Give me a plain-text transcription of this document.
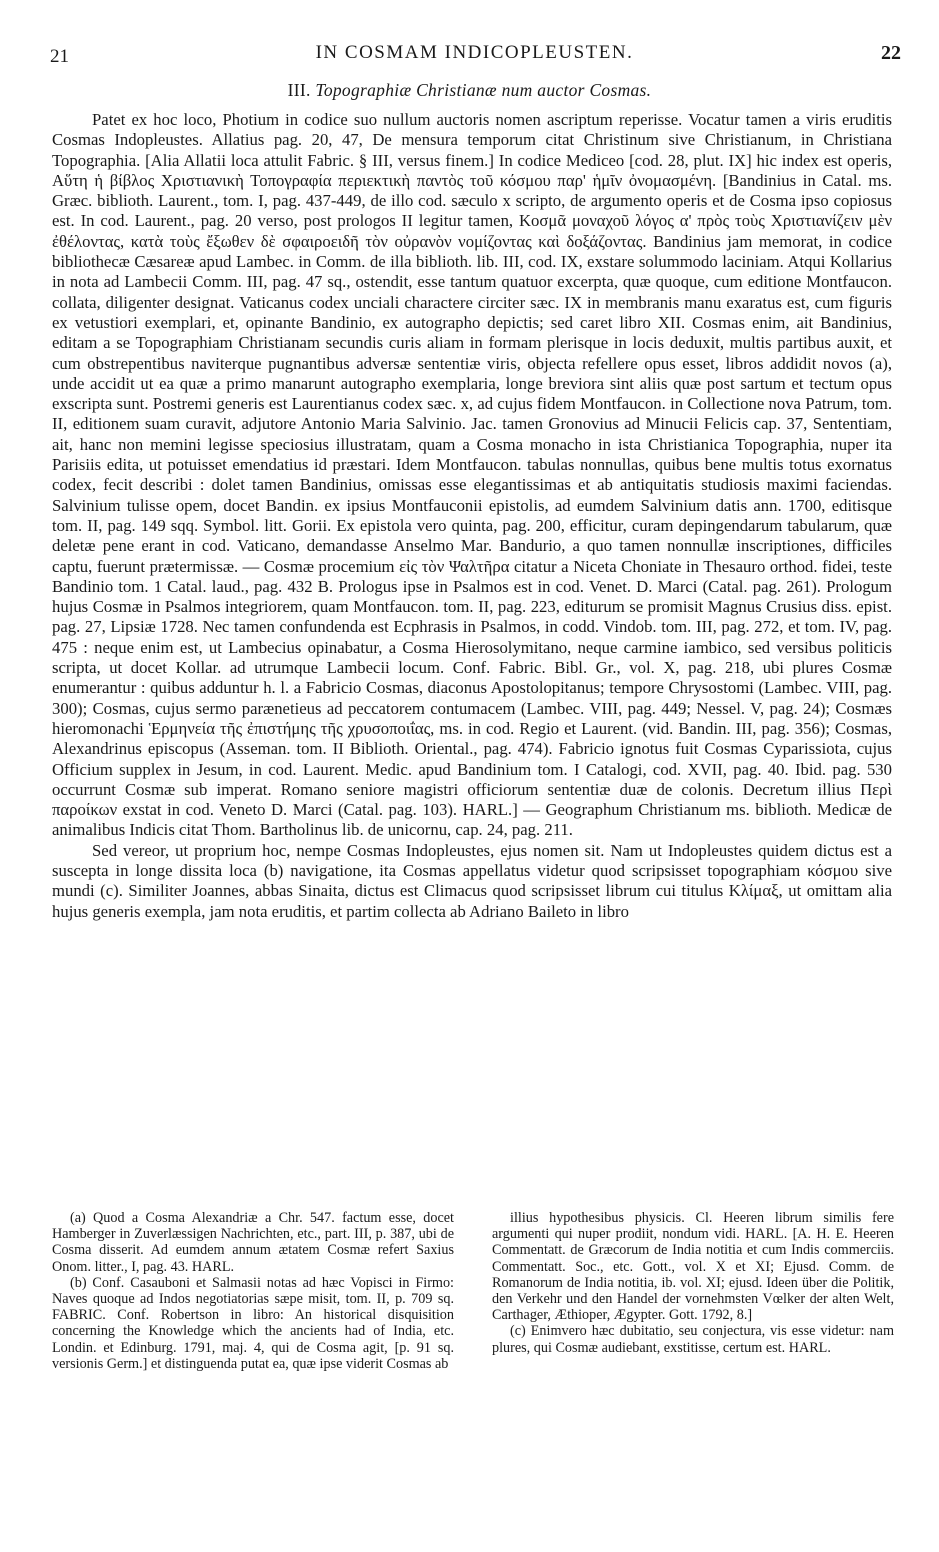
21	IN COSMAM INDICOPLEUSTEN.	22
III. Topographiæ Christianæ num auctor Cosmas.

Patet ex hoc loco, Photium in codice suo nullum auctoris nomen ascriptum reperisse. Vocatur tamen a viris eruditis Cosmas Indopleustes. Allatius pag. 20, 47, De mensura temporum citat Christinum sive Christianum, in Christiana Topographia. [Alia Allatii loca attulit Fabric. § III, versus finem.] In codice Mediceo [cod. 28, plut. IX] hic index est operis, Αὕτη ἡ βίβλος Χριστιανικὴ Τοπογραφία περιεκτικὴ παντὸς τοῦ κόσμου παρ' ἡμῖν ὀνομασμένη. [Bandinius in Catal. ms. Græc. biblioth. Laurent., tom. I, pag. 437-449, de illo cod. sæculo x scripto, de argumento operis et de Cosma ipso copiosus est. In cod. Laurent., pag. 20 verso, post prologos II legitur tamen, Κοσμᾶ μοναχοῦ λόγος α' πρὸς τοὺς Χριστιανίζειν μὲν ἐθέλοντας, κατὰ τοὺς ἔξωθεν δὲ σφαιροειδῆ τὸν οὐρανὸν νομίζοντας καὶ δοξάζοντας. Bandinius jam memorat, in codice bibliothecæ Cæsareæ apud Lambec. in Comm. de illa biblioth. lib. III, cod. IX, exstare solummodo laciniam. Atqui Kollarius in nota ad Lambecii Comm. III, pag. 47 sq., ostendit, esse tantum quatuor excerpta, quæ quoque, cum editione Montfaucon. collata, diligenter designat. Vaticanus codex unciali charactere circiter sæc. IX in membranis manu exaratus est, cum figuris ex vetustiori exemplari, et, opinante Bandinio, ex autographo depictis; sed caret libro XII. Cosmas enim, ait Bandinius, editam a se Topographiam Christianam secundis curis aliam in formam plerisque in locis deduxit, multis partibus auxit, et cum obstrepentibus naviterque pugnantibus adversæ sententiæ viris, objecta refellere opus esset, libros addidit novos (a), unde accidit ut ea quæ a primo manarunt autographo exemplaria, longe breviora sint aliis quæ post sartum et tectum opus exscripta sunt. Postremi generis est Laurentianus codex sæc. x, ad cujus fidem Montfaucon. in Collectione nova Patrum, tom. II, editionem suam curavit, adjutore Antonio Maria Salvinio. Jac. tamen Gronovius ad Minucii Felicis cap. 37, Sententiam, ait, hanc non memini legisse speciosius illustratam, quam a Cosma monacho in ista Christianica Topographia, nuper ita Parisiis edita, ut potuisset emendatius id præstari. Idem Montfaucon. tabulas nonnullas, quibus bene multis totus exornatus codex, fecit describi : dolet tamen Bandinius, omissas esse elegantissimas et ab antiquitatis studiosis maximi faciendas. Salvinium tulisse opem, docet Bandin. ex ipsius Montfauconii epistolis, ad eumdem Salvinium datis ann. 1700, editisque tom. II, pag. 149 sqq. Symbol. litt. Gorii. Ex epistola vero quinta, pag. 200, efficitur, curam depingendarum tabularum, quæ deletæ pene erant in cod. Vaticano, demandasse Anselmo Mar. Bandurio, a quo tamen nonnullæ inscriptiones, difficiles captu, fuerunt prætermissæ. — Cosmæ procemium εἰς τὸν Ψαλτῆρα citatur a Niceta Choniate in Thesauro orthod. fidei, teste Bandinio tom. 1 Catal. laud., pag. 432 B. Prologus ipse in Psalmos est in cod. Venet. D. Marci (Catal. pag. 261). Prologum hujus Cosmæ in Psalmos integriorem, quam Montfaucon. tom. II, pag. 223, editurum se promisit Magnus Crusius diss. epist. pag. 27, Lipsiæ 1728. Nec tamen confundenda est Ecphrasis in Psalmos, in codd. Vindob. tom. III, pag. 272, et tom. IV, pag. 475 : neque enim est, ut Lambecius opinabatur, a Cosma Hierosolymitano, neque carmine iambico, sed versibus politicis scripta, ut docet Kollar. ad utrumque Lambecii locum. Conf. Fabric. Bibl. Gr., vol. X, pag. 218, ubi plures Cosmæ enumerantur : quibus adduntur h. l. a Fabricio Cosmas, diaconus Apostolopitanus; tempore Chrysostomi (Lambec. VIII, pag. 300); Cosmas, cujus sermo parænetieus ad peccatorem contumacem (Lambec. VIII, pag. 449; Nessel. V, pag. 24); Cosmæs hieromonachi Ἑρμηνεία τῆς ἐπιστήμης τῆς χρυσοποιΐας, ms. in cod. Regio et Laurent. (vid. Bandin. III, pag. 356); Cosmas, Alexandrinus episcopus (Asseman. tom. II Biblioth. Oriental., pag. 474). Fabricio ignotus fuit Cosmas Cyparissiota, cujus Officium supplex in Jesum, in cod. Laurent. Medic. apud Bandinium tom. I Catalogi, cod. XVII, pag. 40. Ibid. pag. 530 occurrunt Cosmæ sub imperat. Romano seniore magistri officiorum sententiæ duæ de colonis. Decretum illius Περὶ παροίκων exstat in cod. Veneto D. Marci (Catal. pag. 103). HARL.] — Geographum Christianum ms. biblioth. Medicæ de animalibus Indicis citat Thom. Bartholinus lib. de unicornu, cap. 24, pag. 211.

Sed vereor, ut proprium hoc, nempe Cosmas Indopleustes, ejus nomen sit. Nam ut Indopleustes quidem dictus est a suscepta in longe dissita loca (b) navigatione, ita Cosmas appellatus videtur quod scripsisset topographiam κόσμου sive mundi (c). Similiter Joannes, abbas Sinaita, dictus est Climacus quod scripsisset librum cui titulus Κλίμαξ, ut omittam alia hujus generis exempla, jam nota eruditis, et partim collecta ab Adriano Baileto in libro

(a) Quod a Cosma Alexandriæ a Chr. 547. factum esse, docet Hamberger in Zuverlæssigen Nachrichten, etc., part. III, p. 387, ubi de Cosma disserit. Ad eumdem annum ætatem Cosmæ refert Saxius Onom. litter., I, pag. 43. HARL.

(b) Conf. Casauboni et Salmasii notas ad hæc Vopisci in Firmo: Naves quoque ad Indos negotiatorias sæpe misit, tom. II, p. 709 sq. FABRIC. Conf. Robertson in libro: An historical disquisition concerning the Knowledge which the ancients had of India, etc. Londin. et Edinburg. 1791, maj. 4, qui de Cosma agit, [p. 91 sq. versionis Germ.] et distinguenda putat ea, quæ ipse viderit Cosmas ab

illius hypothesibus physicis. Cl. Heeren librum similis fere argumenti qui nuper prodiit, nondum vidi. HARL. [A. H. E. Heeren Commentatt. de Græcorum de India notitia et cum Indis commerciis. Commentatt. Soc., etc. Gott., vol. X et XI; Ejusd. Comm. de Romanorum de India notitia, ib. vol. XI; ejusd. Ideen über die Politik, den Verkehr und den Handel der vornehmsten Vœlker der alten Welt, Carthager, Æthioper, Ægypter. Gott. 1792, 8.]

(c) Enimvero hæc dubitatio, seu conjectura, vis esse videtur: nam plures, qui Cosmæ audiebant, exstitisse, certum est. HARL.
